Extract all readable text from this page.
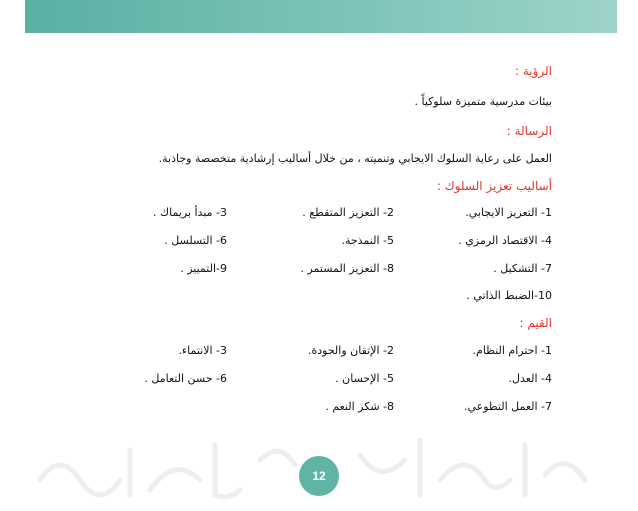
الرؤية :

بيئات مدرسية متميزة سلوكياً .

الرسالة :

العمل على رعاية السلوك الايجابي وتنميته ، من خلال أساليب إرشادية متخصصة وجاذبة.

أساليب تعزيز السلوك :

1- التعزيز الايجابي.
2- التعزيز المتقطع .
3- مبدأ بريماك .
4- الاقتصاد الرمزي .
5- النمذجة.
6- التسلسل .
7- التشكيل .
8- التعزيز المستمر .
9-التمييز .
10-الضبط الذاتي .

القيم :

1- احترام النظام.
2- الإتقان والجودة.
3- الانتماء.
4- العدل.
5- الإحسان .
6- حسن التعامل .
7- العمل التطوعي.
8- شكر النعم .
12
